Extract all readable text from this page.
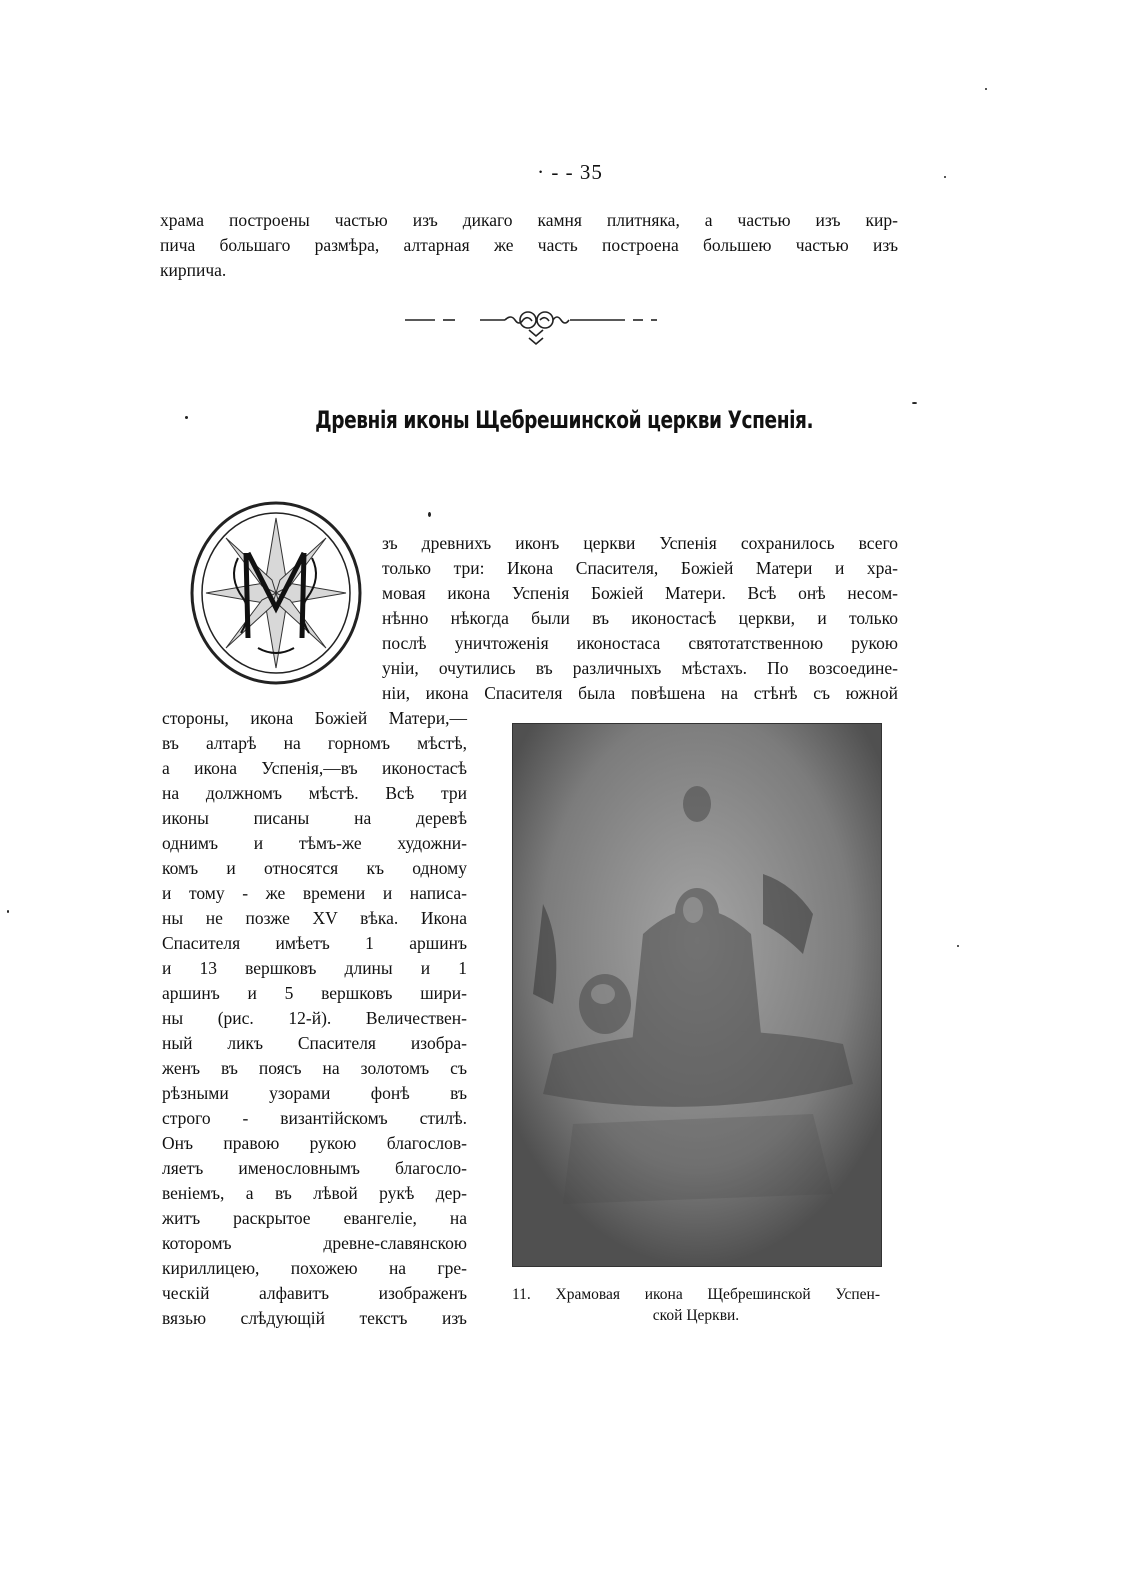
· - - 35
храма построены частью изъ дикаго камня плитняка, а частью изъ кир-
пича большаго размѣра, алтарная же часть построена большею частью изъ
кирпича.
Древнія иконы Щебрешинской церкви Успенія.
зъ древнихъ иконъ церкви Успенія сохранилось всего
только три: Икона Спасителя, Божіей Матери и хра-
мовая икона Успенія Божіей Матери. Всѣ онѣ несом-
нѣнно нѣкогда были въ иконостасѣ церкви, и только
послѣ уничтоженія иконостаса святотатственною рукою
уніи, очутились въ различныхъ мѣстахъ. По возсоедине-
ніи, икона Спасителя была повѣшена на стѣнѣ съ южной
стороны, икона Божіей Матери,—
въ алтарѣ на горномъ мѣстѣ,
а икона Успенія,—въ иконостасѣ
на должномъ мѣстѣ. Всѣ три
иконы писаны на деревѣ
однимъ и тѣмъ-же художни-
комъ и относятся къ одному
и тому - же времени и написа-
ны не позже XV вѣка. Икона
Спасителя имѣетъ 1 аршинъ
и 13 вершковъ длины и 1
аршинъ и 5 вершковъ шири-
ны (рис. 12-й). Величествен-
ный ликъ Спасителя изобра-
женъ въ поясъ на золотомъ съ
рѣзными узорами фонѣ въ
строго - византійскомъ стилѣ.
Онъ правою рукою благослов-
ляетъ именословнымъ благосло-
веніемъ, а въ лѣвой рукѣ дер-
житъ раскрытое евангеліе, на
которомъ древне-славянскою
кириллицею, похожею на гре-
ческій алфавитъ изображенъ
вязью слѣдующій текстъ изъ
11. Храмовая икона Щебрешинской Успен-
ской Церкви.
